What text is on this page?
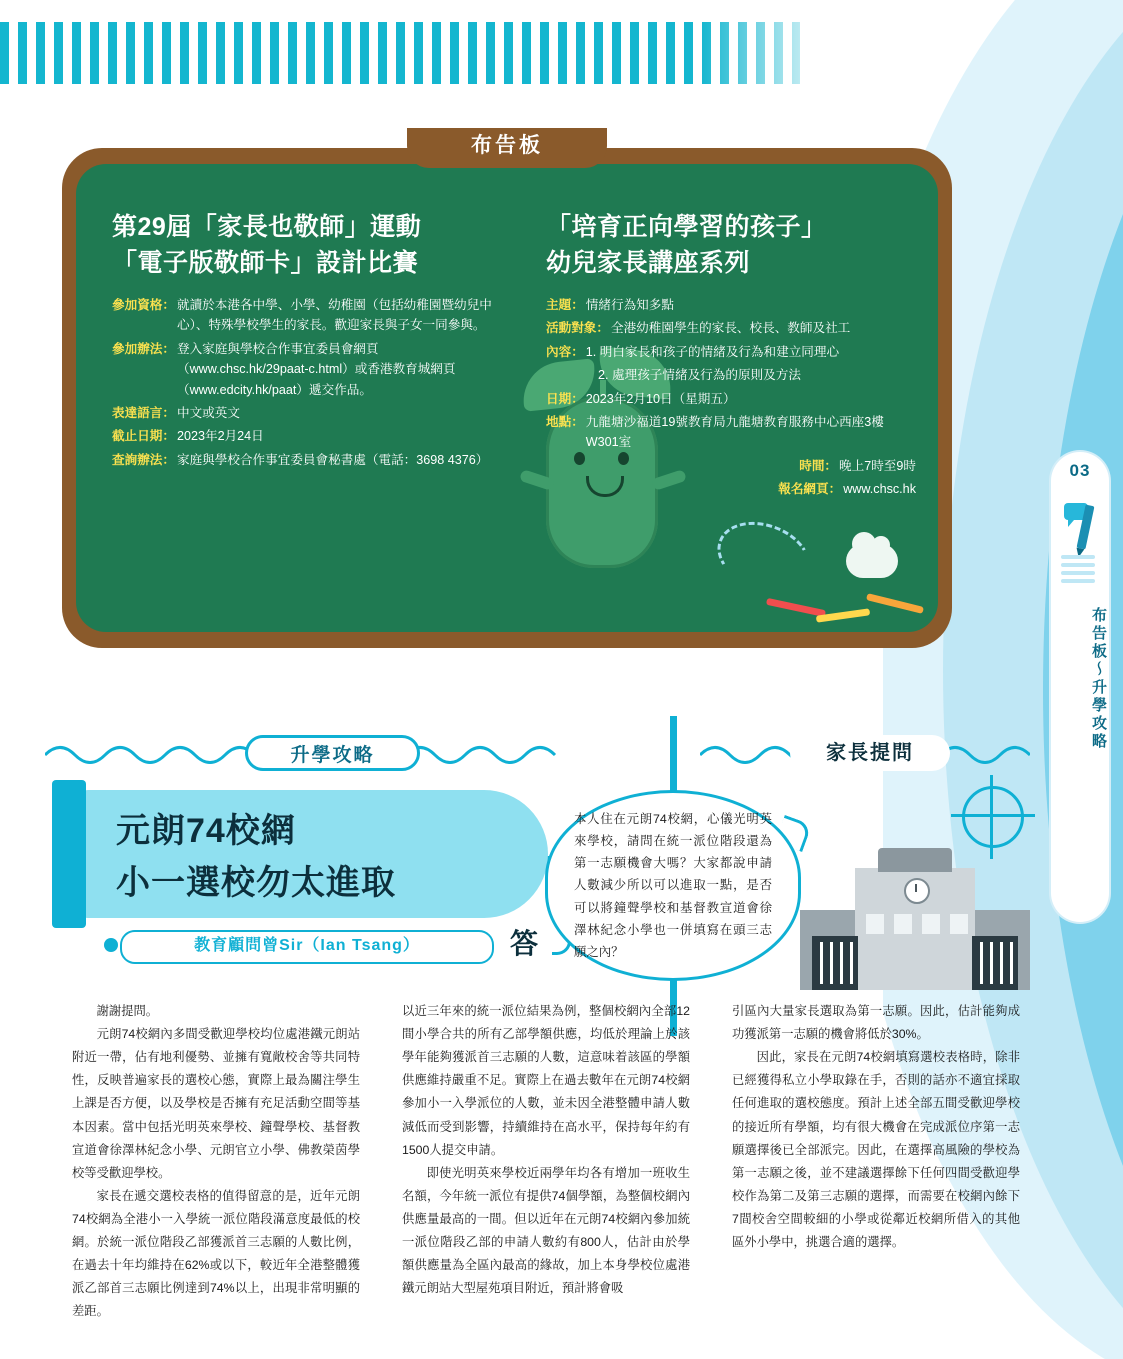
03
布告板～升學攻略
布告板
第29屆「家長也敬師」運動
「電子版敬師卡」設計比賽
參加資格： 就讀於本港各中學、小學、幼稚園（包括幼稚園暨幼兒中心）、特殊學校學生的家長。歡迎家長與子女一同參與。
參加辦法： 登入家庭與學校合作事宜委員會網頁（www.chsc.hk/29paat-c.html）或香港教育城網頁（www.edcity.hk/paat）遞交作品。
表達語言： 中文或英文
截止日期： 2023年2月24日
查詢辦法： 家庭與學校合作事宜委員會秘書處（電話：3698 4376）
「培育正向學習的孩子」
幼兒家長講座系列
主題： 情緒行為知多點
活動對象： 全港幼稚園學生的家長、校長、教師及社工
內容： 1. 明白家長和孩子的情緒及行為和建立同理心
2. 處理孩子情緒及行為的原則及方法
日期： 2023年2月10日（星期五）
地點： 九龍塘沙福道19號教育局九龍塘教育服務中心西座3樓W301室
時間： 晚上7時至9時
報名網頁： www.chsc.hk
升學攻略	家長提問
元朗74校網
小一選校勿太進取
教育顧問曾Sir（Ian Tsang）	答

本人住在元朗74校網，心儀光明英來學校，請問在統一派位階段還為第一志願機會大嗎？大家都說申請人數減少所以可以進取一點，是否可以將鐘聲學校和基督教宣道會徐澤林紀念小學也一併填寫在頭三志願之內？

謝謝提問。

元朗74校網內多間受歡迎學校均位處港鐵元朗站附近一帶，佔有地利優勢、並擁有寬敞校舍等共同特性，反映普遍家長的選校心態，實際上最為關注學生上課是否方便，以及學校是否擁有充足活動空間等基本因素。當中包括光明英來學校、鐘聲學校、基督教宣道會徐澤林紀念小學、元朗官立小學、佛教榮茵學校等受歡迎學校。

家長在遞交選校表格的值得留意的是，近年元朗74校網為全港小一入學統一派位階段滿意度最低的校網。於統一派位階段乙部獲派首三志願的人數比例，在過去十年均維持在62%或以下，較近年全港整體獲派乙部首三志願比例達到74%以上，出現非常明顯的差距。

以近三年來的統一派位結果為例，整個校網內全部12間小學合共的所有乙部學額供應，均低於理論上於該學年能夠獲派首三志願的人數，這意味着該區的學額供應維持嚴重不足。實際上在過去數年在元朗74校網參加小一入學派位的人數，並未因全港整體申請人數減低而受到影響，持續維持在高水平，保持每年約有1500人提交申請。

即使光明英來學校近兩學年均各有增加一班收生名額，今年統一派位有提供74個學額，為整個校網內供應量最高的一間。但以近年在元朗74校網內參加統一派位階段乙部的申請人數約有800人，估計由於學額供應量為全區內最高的緣故，加上本身學校位處港鐵元朗站大型屋苑項目附近，預計將會吸

引區內大量家長選取為第一志願。因此，估計能夠成功獲派第一志願的機會將低於30%。

因此，家長在元朗74校網填寫選校表格時，除非已經獲得私立小學取錄在手，否則的話亦不適宜採取任何進取的選校態度。預計上述全部五間受歡迎學校的接近所有學額，均有很大機會在完成派位序第一志願選擇後已全部派完。因此，在選擇高風險的學校為第一志願之後，並不建議選擇餘下任何四間受歡迎學校作為第二及第三志願的選擇，而需要在校網內餘下7間校舍空間較細的小學或從鄰近校網所借入的其他區外小學中，挑選合適的選擇。
